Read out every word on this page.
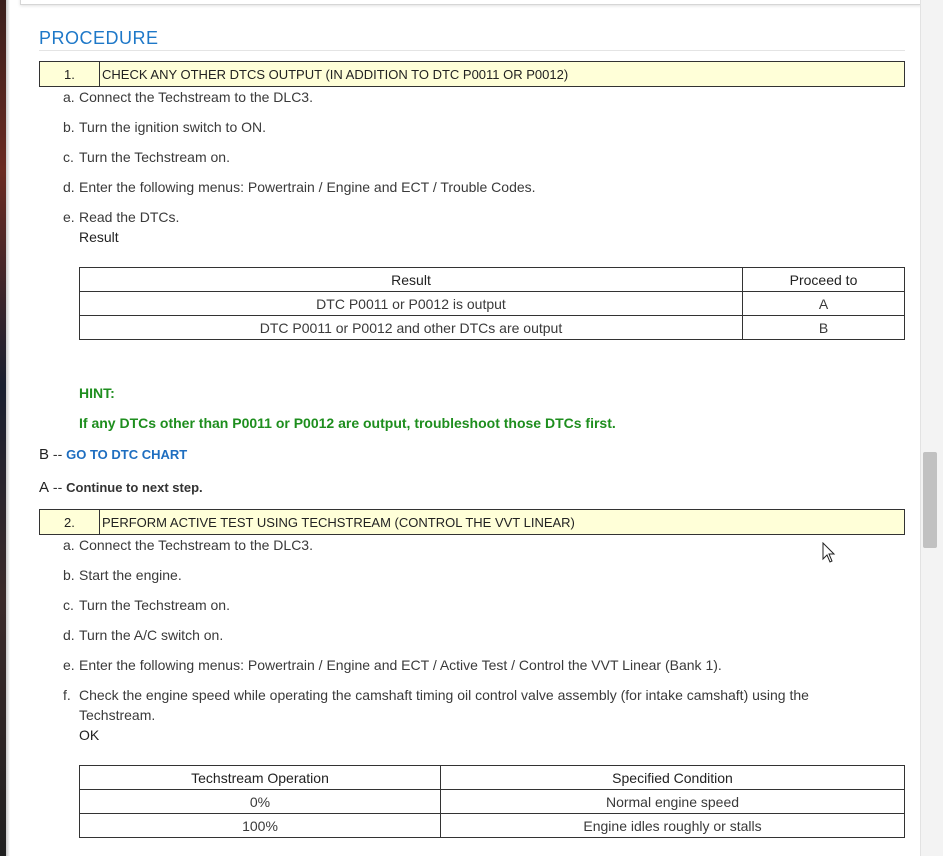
PROCEDURE
1.	CHECK ANY OTHER DTCS OUTPUT (IN ADDITION TO DTC P0011 OR P0012)
a. Connect the Techstream to the DLC3.
b. Turn the ignition switch to ON.
c. Turn the Techstream on.
d. Enter the following menus: Powertrain / Engine and ECT / Trouble Codes.
e. Read the DTCs.
Result
Result	Proceed to
DTC P0011 or P0012 is output	A
DTC P0011 or P0012 and other DTCs are output	B
HINT:
If any DTCs other than P0011 or P0012 are output, troubleshoot those DTCs first.
B -- GO TO DTC CHART
A -- Continue to next step.
2.	PERFORM ACTIVE TEST USING TECHSTREAM (CONTROL THE VVT LINEAR)
a. Connect the Techstream to the DLC3.
b. Start the engine.
c. Turn the Techstream on.
d. Turn the A/C switch on.
e. Enter the following menus: Powertrain / Engine and ECT / Active Test / Control the VVT Linear (Bank 1).
f. Check the engine speed while operating the camshaft timing oil control valve assembly (for intake camshaft) using the Techstream.
OK
Techstream Operation	Specified Condition
0%	Normal engine speed
100%	Engine idles roughly or stalls
